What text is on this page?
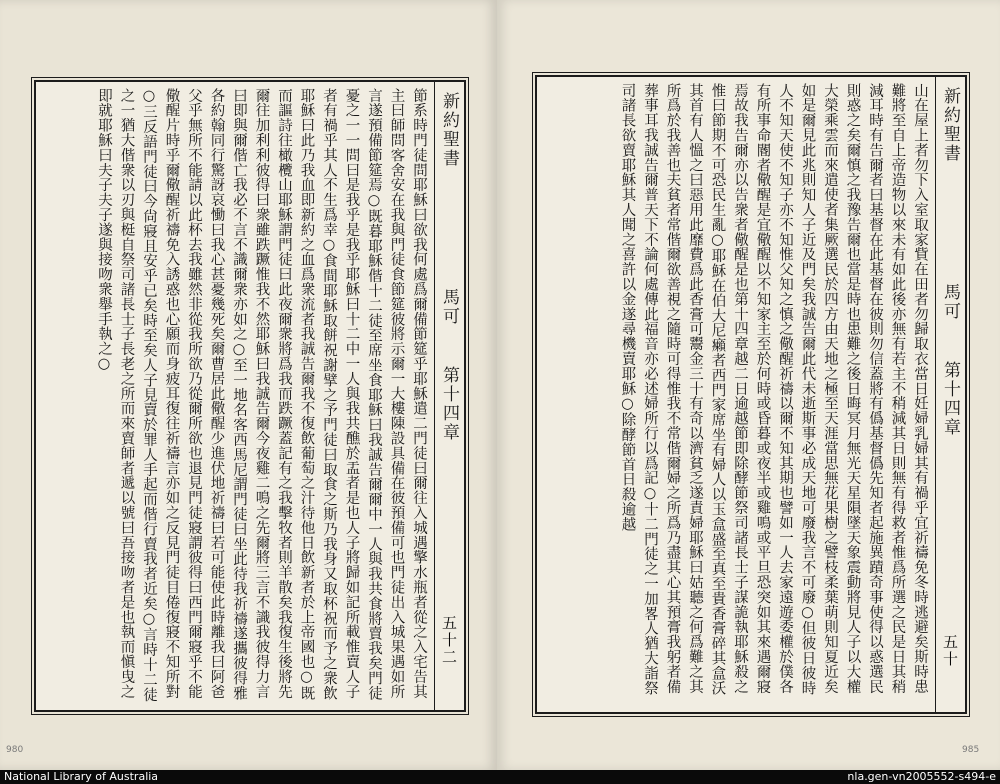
節系時門徒問耶穌曰欲我何處爲爾備節筵乎耶穌遣二門徒曰爾往入城遇擎水瓶者從之入宅告其主曰師問客舍安在我與門徒食節筵彼將示爾一大樓陳設具備在彼預備可也門徒出入城果遇如所言遂預備節筵焉○既暮耶穌偕十二徒至席坐食耶穌曰我誠告爾爾中一人與我共食將賣我矣門徒憂之一一問曰是我乎是我乎耶穌曰十二中一人與我共醮於盂者是也人子將歸如記所載惟賣人子者有禍乎其人不生爲幸○食間耶穌取餅祝謝擘之予門徒曰取食之斯乃我身又取杯祝而予之衆飲耶穌曰此乃我血即新約之血爲衆流者我誠告爾我不復飲葡萄之汁待他日飲新者於上帝國也○既而謳詩往橄欖山耶穌謂門徒曰此夜爾衆將爲我而跌蹶蓋記有之我擊牧者則羊散矣我復生後將先爾往加利利彼得曰衆雖跌蹶惟我不然耶穌曰我誠告爾今夜雞二鳴之先爾將三言不識我彼得力言曰即與爾偕亡我必不言不識爾衆亦如之○至一地名客西馬尼謂門徒曰坐此待我祈禱遂攜彼得雅各約翰同行驚訝哀慟曰我心甚憂幾死矣爾曹居此儆醒少進伏地祈禱曰若可能使此時離我曰阿爸父乎無所不能請以此杯去我雖然非從我所欲乃從爾所欲也退見門徒寢謂彼得曰西門爾寢乎不能儆醒片時乎爾儆醒祈禱免入誘惑也心願而身疲耳復往祈禱言亦如之反見門徒目倦復寢不知所對○三反語門徒曰今尙寢且安乎已矣時至矣人子見賣於罪人手起而偕行賣我者近矣○言時十二徒之一猶大偕衆以刃與梃自祭司諸長士子長老之所而來賣師者遞以號曰吾接吻者是也執而愼曳之即就耶穌曰夫子夫子遂與接吻衆舉手執之○	新約聖書
馬可
第十四章
五十二
980
山在屋上者勿下入室取家貲在田者勿歸取衣當日妊婦乳婦其有禍乎宜祈禱免冬時逃避矣斯時患難將至自上帝造物以來未有如此後亦無有若主不稍減其日則無有得救者惟爲所選之民是日其稍減耳時有告爾者曰基督在此基督在彼則勿信蓋將有僞基督僞先知者起施異蹟奇事使得以惑選民則惑之矣爾慎之我豫告爾也當是時也患難之後日晦冥月無光天星隕墜天象震動將見人子以大權大榮乘雲而來遣使者集厥選民於四方由天地之極至天涯當思無花果樹之譬枝柔葉萌則知夏近矣如是爾見此兆則知人子近及門矣我誠告爾此代未逝斯事必成天地可廢我言不可廢○但彼日彼時人不知天使不知子亦不知惟父知之慎之儆醒祈禱以爾不知其期也譬如一人去家遠遊委權於僕各有所事命閽者儆醒是宜儆醒以不知家主至於何時或昏暮或夜半或雞鳴或平旦恐突如其來遇爾寢焉故我告爾亦以告衆者儆醒是也第十四章越二日逾越節即除酵節祭司諸長士子謀詭執耶穌殺之惟曰節期不可恐民生亂○耶穌在伯大尼癩者西門家席坐有婦人以玉盒盛至真至貴香膏碎其盒沃其首有人慍之曰惡用此靡費爲此香膏可鬻金三十有奇以濟貧乏遂責婦耶穌曰姑聽之何爲難之其所爲於我善也夫貧者常偕爾欲善視之隨時可得惟我不常偕爾婦之所爲乃盡其心其預膏我躬者備葬事耳我誠告爾普天下不論何處傳此福音亦必述婦所行以爲記○十二門徒之一加畧人猶大詣祭司諸長欲賣耶穌其人聞之喜許以金遂尋機賣耶穌○除酵節首日殺逾越	新約聖書
馬可
第十四章
五十
985
National Library of Australia	nla.gen-vn2005552-s494-e
